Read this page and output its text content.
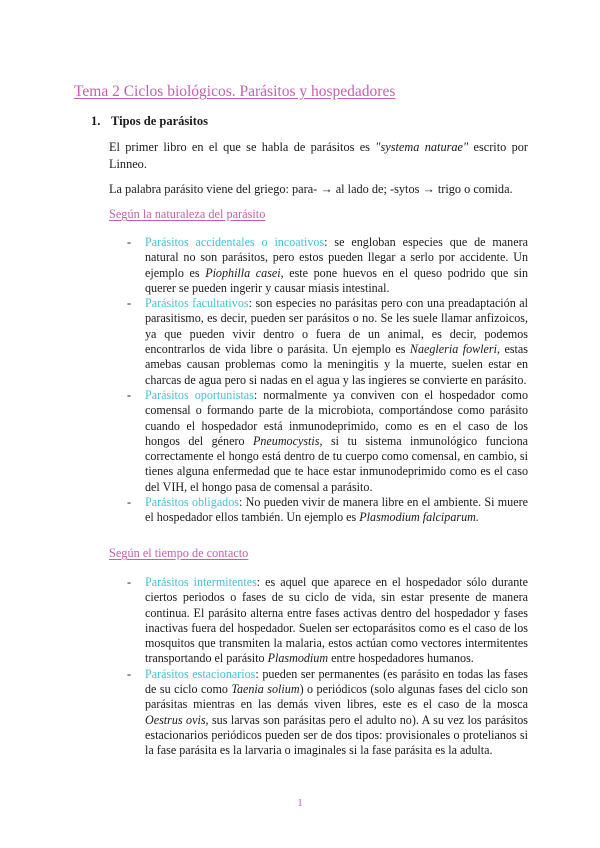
Tema 2 Ciclos biológicos. Parásitos y hospedadores
1. Tipos de parásitos
El primer libro en el que se habla de parásitos es "systema naturae" escrito por Linneo.
La palabra parásito viene del griego: para- → al lado de; -sytos → trigo o comida.
Según la naturaleza del parásito
- Parásitos accidentales o incoativos: se engloban especies que de manera natural no son parásitos, pero estos pueden llegar a serlo por accidente. Un ejemplo es Piophilla casei, este pone huevos en el queso podrido que sin querer se pueden ingerir y causar miasis intestinal.
- Parásitos facultativos: son especies no parásitas pero con una preadaptación al parasitismo, es decir, pueden ser parásitos o no. Se les suele llamar anfizoicos, ya que pueden vivir dentro o fuera de un animal, es decir, podemos encontrarlos de vida libre o parásita. Un ejemplo es Naegleria fowleri, estas amebas causan problemas como la meningitis y la muerte, suelen estar en charcas de agua pero si nadas en el agua y las ingieres se convierte en parásito.
- Parásitos oportunistas: normalmente ya conviven con el hospedador como comensal o formando parte de la microbiota, comportándose como parásito cuando el hospedador está inmunodeprimido, como es en el caso de los hongos del género Pneumocystis, si tu sistema inmunológico funciona correctamente el hongo está dentro de tu cuerpo como comensal, en cambio, si tienes alguna enfermedad que te hace estar inmunodeprimido como es el caso del VIH, el hongo pasa de comensal a parásito.
- Parásitos obligados: No pueden vivir de manera libre en el ambiente. Si muere el hospedador ellos también. Un ejemplo es Plasmodium falciparum.
Según el tiempo de contacto
- Parásitos intermitentes: es aquel que aparece en el hospedador sólo durante ciertos periodos o fases de su ciclo de vida, sin estar presente de manera continua. El parásito alterna entre fases activas dentro del hospedador y fases inactivas fuera del hospedador. Suelen ser ectoparásitos como es el caso de los mosquitos que transmiten la malaria, estos actúan como vectores intermitentes transportando el parásito Plasmodium entre hospedadores humanos.
- Parásitos estacionarios: pueden ser permanentes (es parásito en todas las fases de su ciclo como Taenia solium) o periódicos (solo algunas fases del ciclo son parásitas mientras en las demás viven libres, este es el caso de la mosca Oestrus ovis, sus larvas son parásitas pero el adulto no). A su vez los parásitos estacionarios periódicos pueden ser de dos tipos: provisionales o protelianos si la fase parásita es la larvaria o imaginales si la fase parásita es la adulta.
1
